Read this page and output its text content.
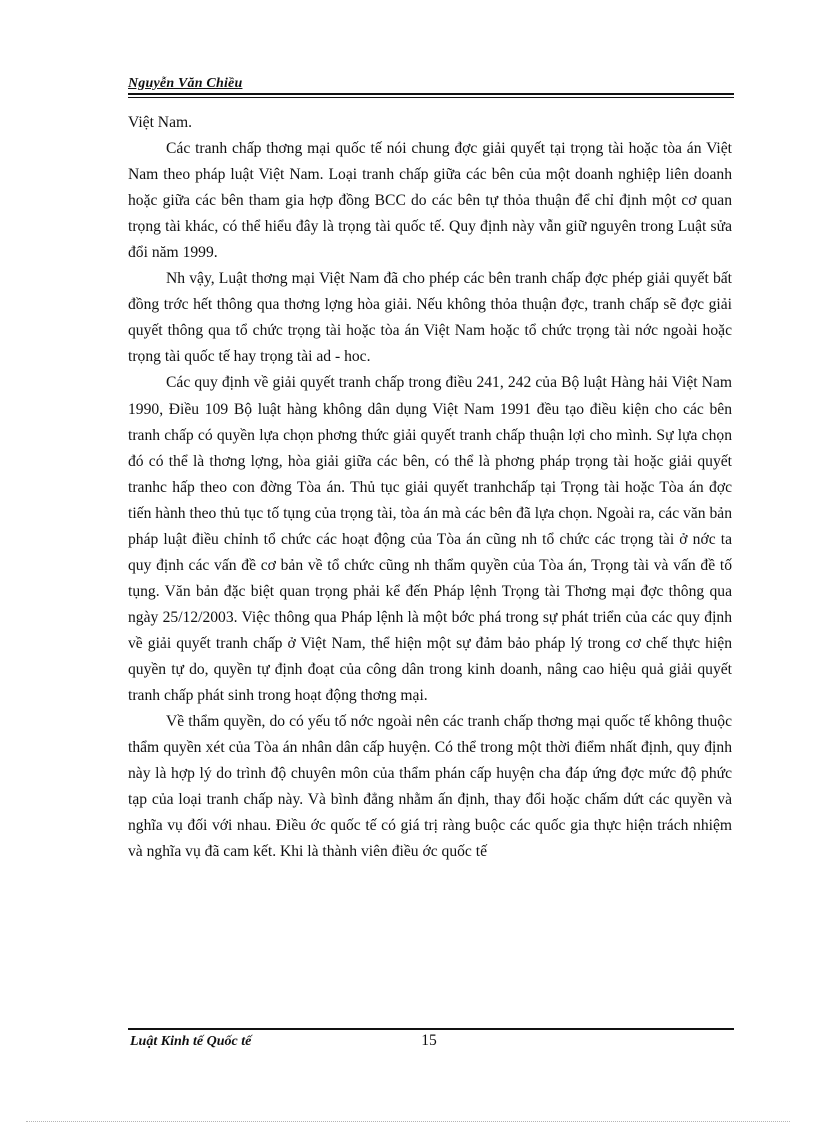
Nguyễn Văn Chiều

Việt Nam.

Các tranh chấp thơng mại quốc tế nói chung đợc giải quyết tại trọng tài hoặc tòa án Việt Nam theo pháp luật Việt Nam. Loại tranh chấp giữa các bên của một doanh nghiệp liên doanh hoặc giữa các bên tham gia hợp đồng BCC do các bên tự thỏa thuận để chỉ định một cơ quan trọng tài khác, có thể hiểu đây là trọng tài quốc tế. Quy định này vẫn giữ nguyên trong Luật sửa đổi năm 1999.

Nh vậy, Luật thơng mại Việt Nam đã cho phép các bên tranh chấp đợc phép giải quyết bất đồng trớc hết thông qua thơng lợng hòa giải. Nếu không thỏa thuận đợc, tranh chấp sẽ đợc giải quyết thông qua tổ chức trọng tài hoặc tòa án Việt Nam hoặc tổ chức trọng tài nớc ngoài hoặc trọng tài quốc tế hay trọng tài ad - hoc.

Các quy định về giải quyết tranh chấp trong điều 241, 242 của Bộ luật Hàng hải Việt Nam 1990, Điều 109 Bộ luật hàng không dân dụng Việt Nam 1991 đều tạo điều kiện cho các bên tranh chấp có quyền lựa chọn phơng thức giải quyết tranh chấp thuận lợi cho mình. Sự lựa chọn đó có thể là thơng lợng, hòa giải giữa các bên, có thể là phơng pháp trọng tài hoặc giải quyết tranhc hấp theo con đờng Tòa án. Thủ tục giải quyết tranhchấp tại Trọng tài hoặc Tòa án đợc tiến hành theo thủ tục tố tụng của trọng tài, tòa án mà các bên đã lựa chọn. Ngoài ra, các văn bản pháp luật điều chỉnh tổ chức các hoạt động của Tòa án cũng nh tổ chức các trọng tài ở nớc ta quy định các vấn đề cơ bản về tổ chức cũng nh thẩm quyền của Tòa án, Trọng tài và vấn đề tố tụng. Văn bản đặc biệt quan trọng phải kể đến Pháp lệnh Trọng tài Thơng mại đợc thông qua ngày 25/12/2003. Việc thông qua Pháp lệnh là một bớc phá trong sự phát triển của các quy định về giải quyết tranh chấp ở Việt Nam, thể hiện một sự đảm bảo pháp lý trong cơ chế thực hiện quyền tự do, quyền tự định đoạt của công dân trong kinh doanh, nâng cao hiệu quả giải quyết tranh chấp phát sinh trong hoạt động thơng mại.

Về thẩm quyền, do có yếu tố nớc ngoài nên các tranh chấp thơng mại quốc tế không thuộc thẩm quyền xét của Tòa án nhân dân cấp huyện. Có thể trong một thời điểm nhất định, quy định này là hợp lý do trình độ chuyên môn của thẩm phán cấp huyện cha đáp ứng đợc mức độ phức tạp của loại tranh chấp này. Và bình đẳng nhằm ấn định, thay đổi hoặc chấm dứt các quyền và nghĩa vụ đối với nhau. Điều ớc quốc tế có giá trị ràng buộc các quốc gia thực hiện trách nhiệm và nghĩa vụ đã cam kết. Khi là thành viên điều ớc quốc tế

Luật Kinh tế Quốc tế	15
